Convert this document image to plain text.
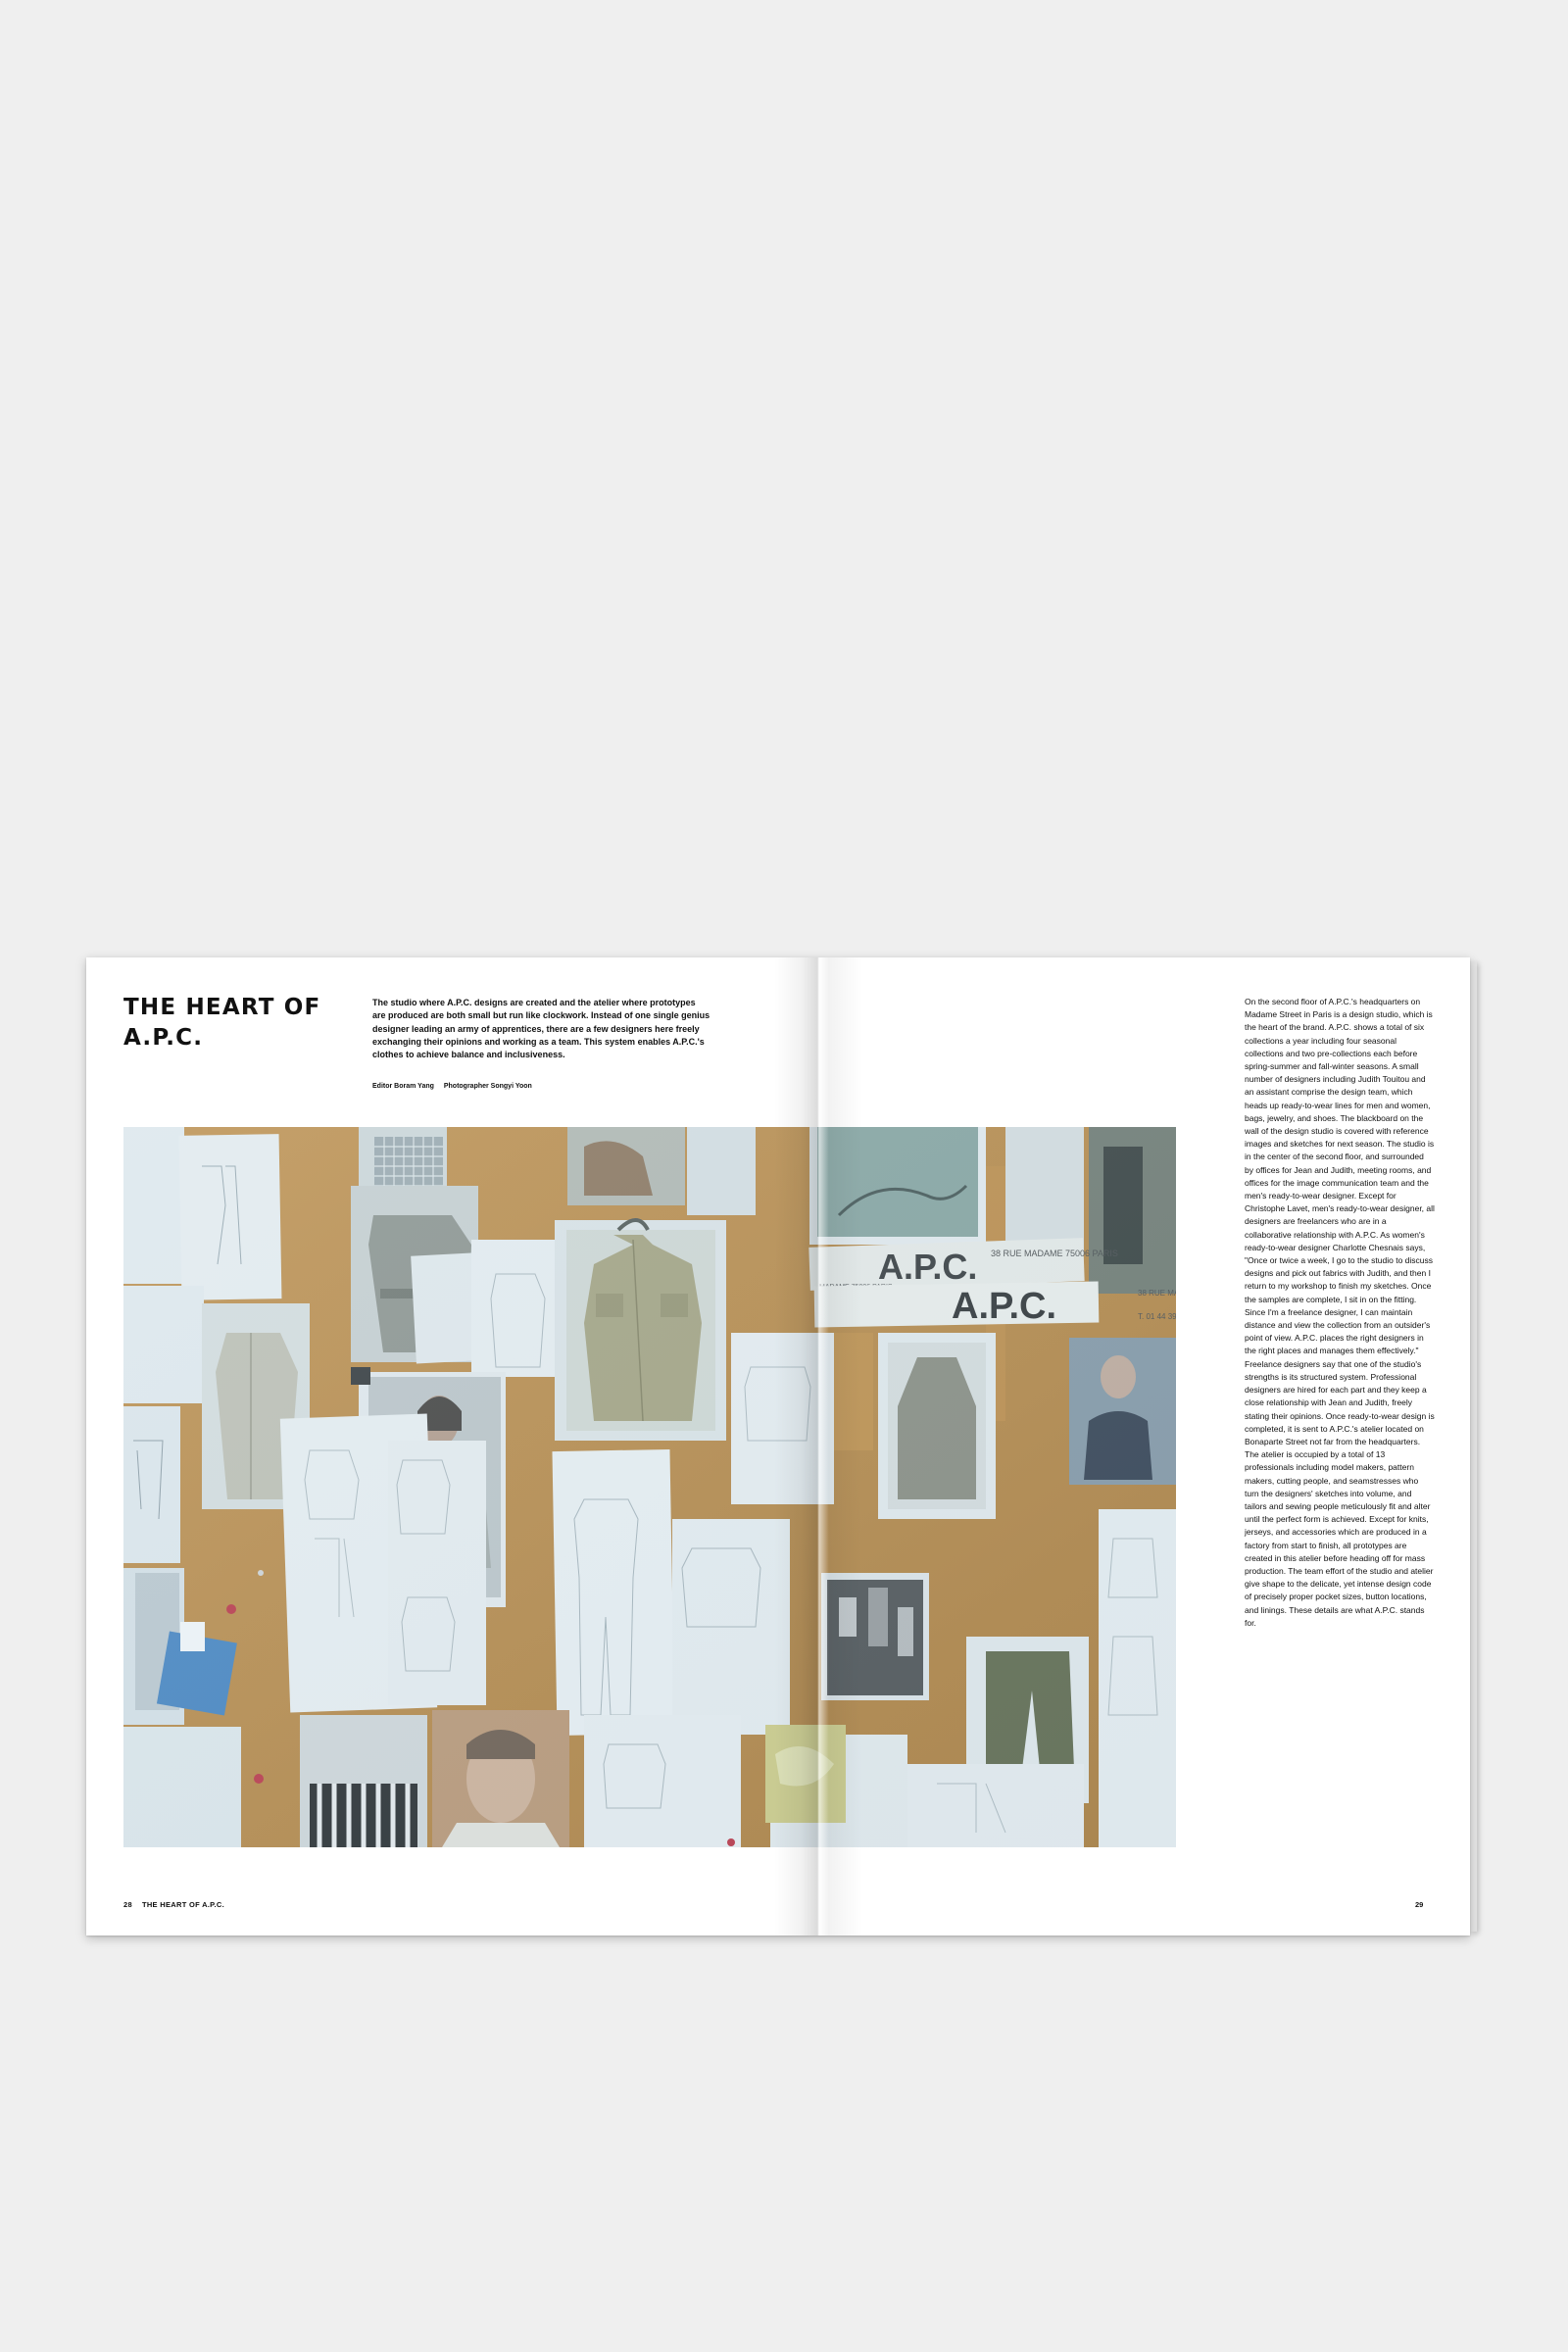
THE HEART OF A.P.C.

The studio where A.P.C. designs are created and the atelier where prototypes are produced are both small but run like clockwork. Instead of one single genius designer leading an army of apprentices, there are a few designers here freely exchanging their opinions and working as a team. This system enables A.P.C.'s clothes to achieve balance and inclusiveness.

Editor Boram Yang Photographer Songyi Yoon

On the second floor of A.P.C.'s headquarters on Madame Street in Paris is a design studio, which is the heart of the brand. A.P.C. shows a total of six collections a year including four seasonal collections and two pre-collections each before spring-summer and fall-winter seasons. A small number of designers including Judith Touitou and an assistant comprise the design team, which heads up ready-to-wear lines for men and women, bags, jewelry, and shoes. The blackboard on the wall of the design studio is covered with reference images and sketches for next season. The studio is in the center of the second floor, and surrounded by offices for Jean and Judith, meeting rooms, and offices for the image communication team and the men's ready-to-wear designer. Except for Christophe Lavet, men's ready-to-wear designer, all designers are freelancers who are in a collaborative relationship with A.P.C. As women's ready-to-wear designer Charlotte Chesnais says, "Once or twice a week, I go to the studio to discuss designs and pick out fabrics with Judith, and then I return to my workshop to finish my sketches. Once the samples are complete, I sit in on the fitting. Since I'm a freelance designer, I can maintain distance and view the collection from an outsider's point of view. A.P.C. places the right designers in the right places and manages them effectively." Freelance designers say that one of the studio's strengths is its structured system. Professional designers are hired for each part and they keep a close relationship with Jean and Judith, freely stating their opinions. Once ready-to-wear design is completed, it is sent to A.P.C.'s atelier located on Bonaparte Street not far from the headquarters. The atelier is occupied by a total of 13 professionals including model makers, pattern makers, cutting people, and seamstresses who turn the designers' sketches into volume, and tailors and sewing people meticulously fit and alter until the perfect form is achieved. Except for knits, jerseys, and accessories which are produced in a factory from start to finish, all prototypes are created in this atelier before heading off for mass production. The team effort of the studio and atelier give shape to the delicate, yet intense design code of precisely proper pocket sizes, button locations, and linings. These details are what A.P.C. stands for.

28 THE HEART OF A.P.C.	29
